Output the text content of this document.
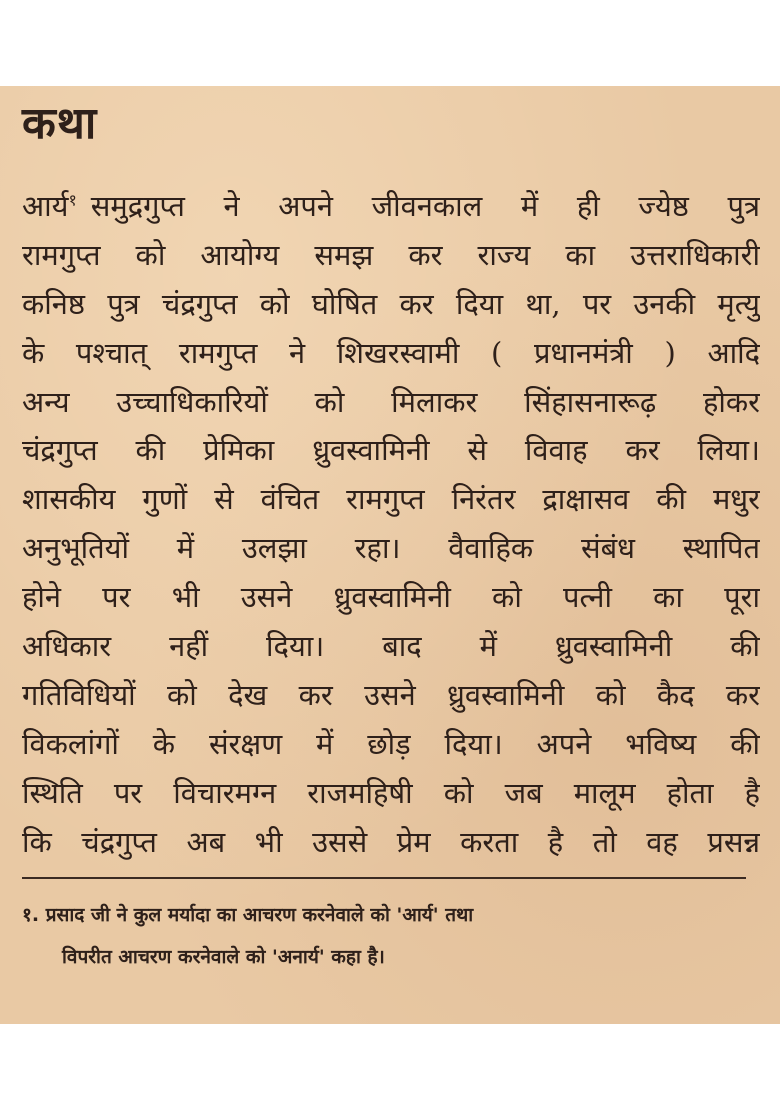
कथा
आर्य$^१$ समुद्रगुप्त ने अपने जीवनकाल में ही ज्येष्ठ पुत्र
रामगुप्त को आयोग्य समझ कर राज्य का उत्तराधिकारी
कनिष्ठ पुत्र चंद्रगुप्त को घोषित कर दिया था, पर उनकी मृत्यु
के पश्चात् रामगुप्त ने शिखरस्वामी ( प्रधानमंत्री ) आदि
अन्य उच्चाधिकारियों को मिलाकर सिंहासनारूढ़ होकर
चंद्रगुप्त की प्रेमिका ध्रुवस्वामिनी से विवाह कर लिया।
शासकीय गुणों से वंचित रामगुप्त निरंतर द्राक्षासव की मधुर
अनुभूतियों में उलझा रहा। वैवाहिक संबंध स्थापित
होने पर भी उसने ध्रुवस्वामिनी को पत्नी का पूरा
अधिकार नहीं दिया। बाद में ध्रुवस्वामिनी की
गतिविधियों को देख कर उसने ध्रुवस्वामिनी को कैद कर
विकलांगों के संरक्षण में छोड़ दिया। अपने भविष्य की
स्थिति पर विचारमग्न राजमहिषी को जब मालूम होता है
कि चंद्रगुप्त अब भी उससे प्रेम करता है तो वह प्रसन्न
१. प्रसाद जी ने कुल मर्यादा का आचरण करनेवाले को 'आर्य' तथा
विपरीत आचरण करनेवाले को 'अनार्य' कहा है।
